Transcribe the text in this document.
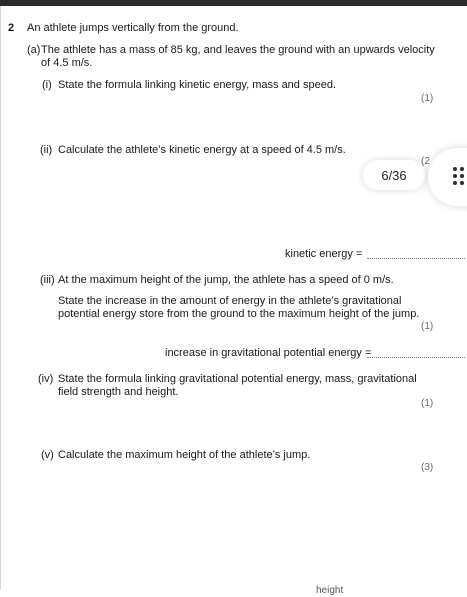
2 An athlete jumps vertically from the ground.
(a) The athlete has a mass of 85 kg, and leaves the ground with an upwards velocity
of 4.5 m/s.
(i) State the formula linking kinetic energy, mass and speed.
(1)
(ii) Calculate the athlete’s kinetic energy at a speed of 4.5 m/s.
(2
kinetic energy =
(iii) At the maximum height of the jump, the athlete has a speed of 0 m/s.
State the increase in the amount of energy in the athlete’s gravitational
potential energy store from the ground to the maximum height of the jump.
(1)
increase in gravitational potential energy =
(iv) State the formula linking gravitational potential energy, mass, gravitational
field strength and height.
(1)
(v) Calculate the maximum height of the athlete’s jump.
(3)
height
6/36
